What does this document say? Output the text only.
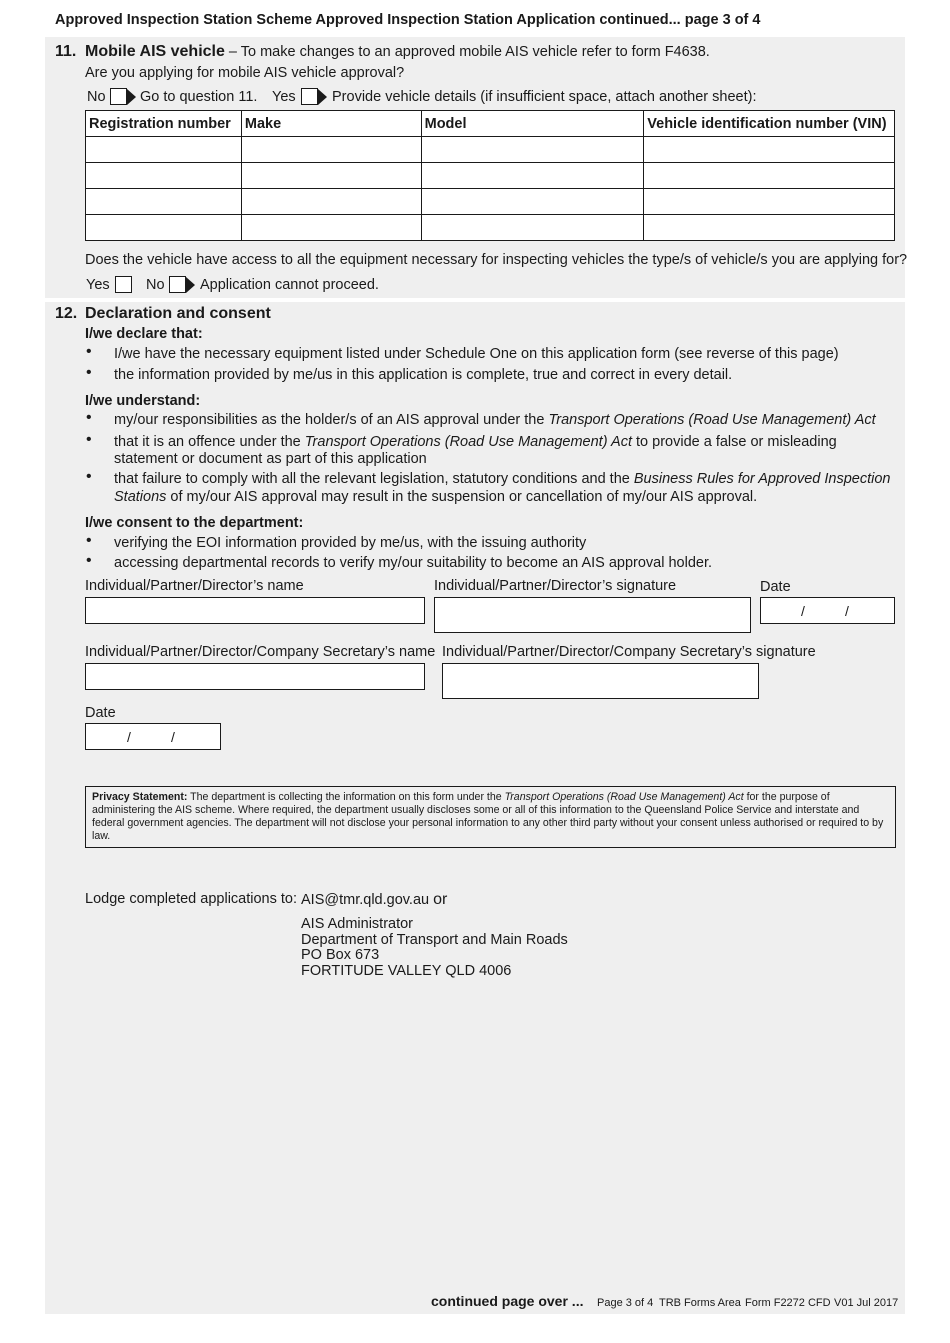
Approved Inspection Station Scheme Approved Inspection Station Application continued... page 3 of 4
11. Mobile AIS vehicle – To make changes to an approved mobile AIS vehicle refer to form F4638.
Are you applying for mobile AIS vehicle approval?
No Go to question 11. Yes	Provide vehicle details (if insufficient space, attach another sheet):
Registration number	Make	Model	Vehicle identification number (VIN)

Does the vehicle have access to all the equipment necessary for inspecting vehicles the type/s of vehicle/s you are applying for?
Yes	No Application cannot proceed.
12. Declaration and consent
I/we declare that:
• I/we have the necessary equipment listed under Schedule One on this application form (see reverse of this page)
• the information provided by me/us in this application is complete, true and correct in every detail.
I/we understand:
• my/our responsibilities as the holder/s of an AIS approval under the Transport Operations (Road Use Management) Act
• that it is an offence under the Transport Operations (Road Use Management) Act to provide a false or misleading
statement or document as part of this application
• that failure to comply with all the relevant legislation, statutory conditions and the Business Rules for Approved Inspection
Stations of my/our AIS approval may result in the suspension or cancellation of my/our AIS approval.
I/we consent to the department:
• verifying the EOI information provided by me/us, with the issuing authority
• accessing departmental records to verify my/our suitability to become an AIS approval holder.
Individual/Partner/Director’s name	Individual/Partner/Director’s signature	Date
/	/
Individual/Partner/Director/Company Secretary’s name Individual/Partner/Director/Company Secretary’s signature
Date
/	/
Privacy Statement: The department is collecting the information on this form under the Transport Operations (Road Use Management) Act for the purpose of administering the AIS scheme. Where required, the department usually discloses some or all of this information to the Queensland Police Service and interstate and federal government agencies. The department will not disclose your personal information to any other third party without your consent unless authorised or required to by law.
Lodge completed applications to: AIS@tmr.qld.gov.au or
AIS Administrator
Department of Transport and Main Roads
PO Box 673
FORTITUDE VALLEY QLD 4006
continued page over ... Page 3 of 4 TRB Forms Area Form F2272 CFD V01 Jul 2017
